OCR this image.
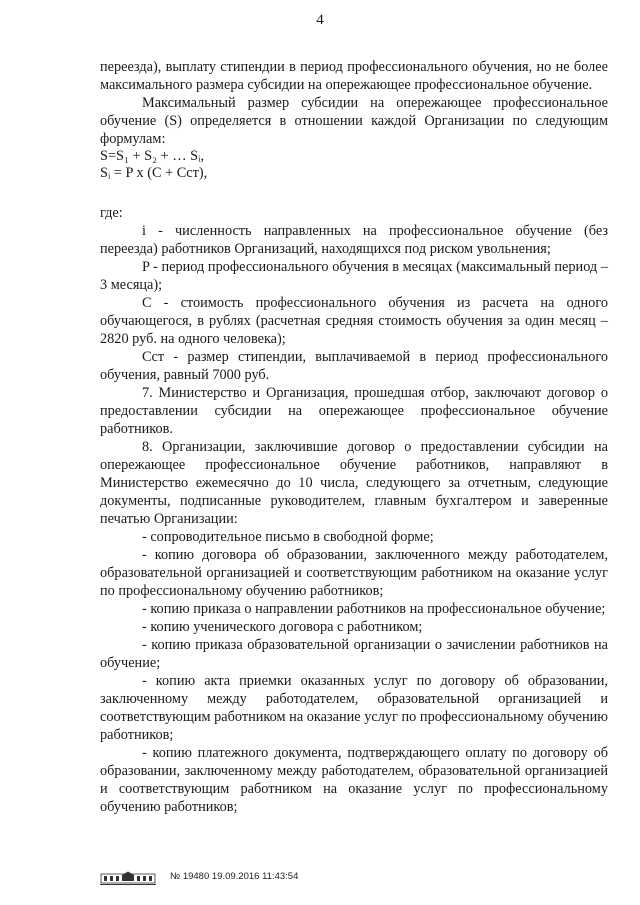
4

переезда), выплату стипендии в период профессионального обучения, но не более максимального размера субсидии на опережающее профессиональное обучение.

Максимальный размер субсидии на опережающее профессиональное обучение (S) определяется в отношении каждой Организации по следующим формулам:

S=S₁ + S₂ + … Sᵢ,

Sᵢ = P х (C + Cст),

где:

i - численность направленных на профессиональное обучение (без переезда) работников Организаций, находящихся под риском увольнения;

P - период профессионального обучения в месяцах (максимальный период – 3 месяца);

C - стоимость профессионального обучения из расчета на одного обучающегося, в рублях (расчетная средняя стоимость обучения за один месяц – 2820 руб. на одного человека);

Cст - размер стипендии, выплачиваемой в период профессионального обучения, равный 7000 руб.

7. Министерство и Организация, прошедшая отбор, заключают договор о предоставлении субсидии на опережающее профессиональное обучение работников.

8. Организации, заключившие договор о предоставлении субсидии на опережающее профессиональное обучение работников, направляют в Министерство ежемесячно до 10 числа, следующего за отчетным, следующие документы, подписанные руководителем, главным бухгалтером и заверенные печатью Организации:

- сопроводительное письмо в свободной форме;

- копию договора об образовании, заключенного между работодателем, образовательной организацией и соответствующим работником на оказание услуг по профессиональному обучению работников;

- копию приказа о направлении работников на профессиональное обучение;

- копию ученического договора с работником;

- копию приказа образовательной организации о зачислении работников на обучение;

- копию акта приемки оказанных услуг по договору об образовании, заключенному между работодателем, образовательной организацией и соответствующим работником на оказание услуг по профессиональному обучению работников;

- копию платежного документа, подтверждающего оплату по договору об образовании, заключенному между работодателем, образовательной организацией и соответствующим работником на оказание услуг по профессиональному обучению работников;

№ 19480 19.09.2016 11:43:54
